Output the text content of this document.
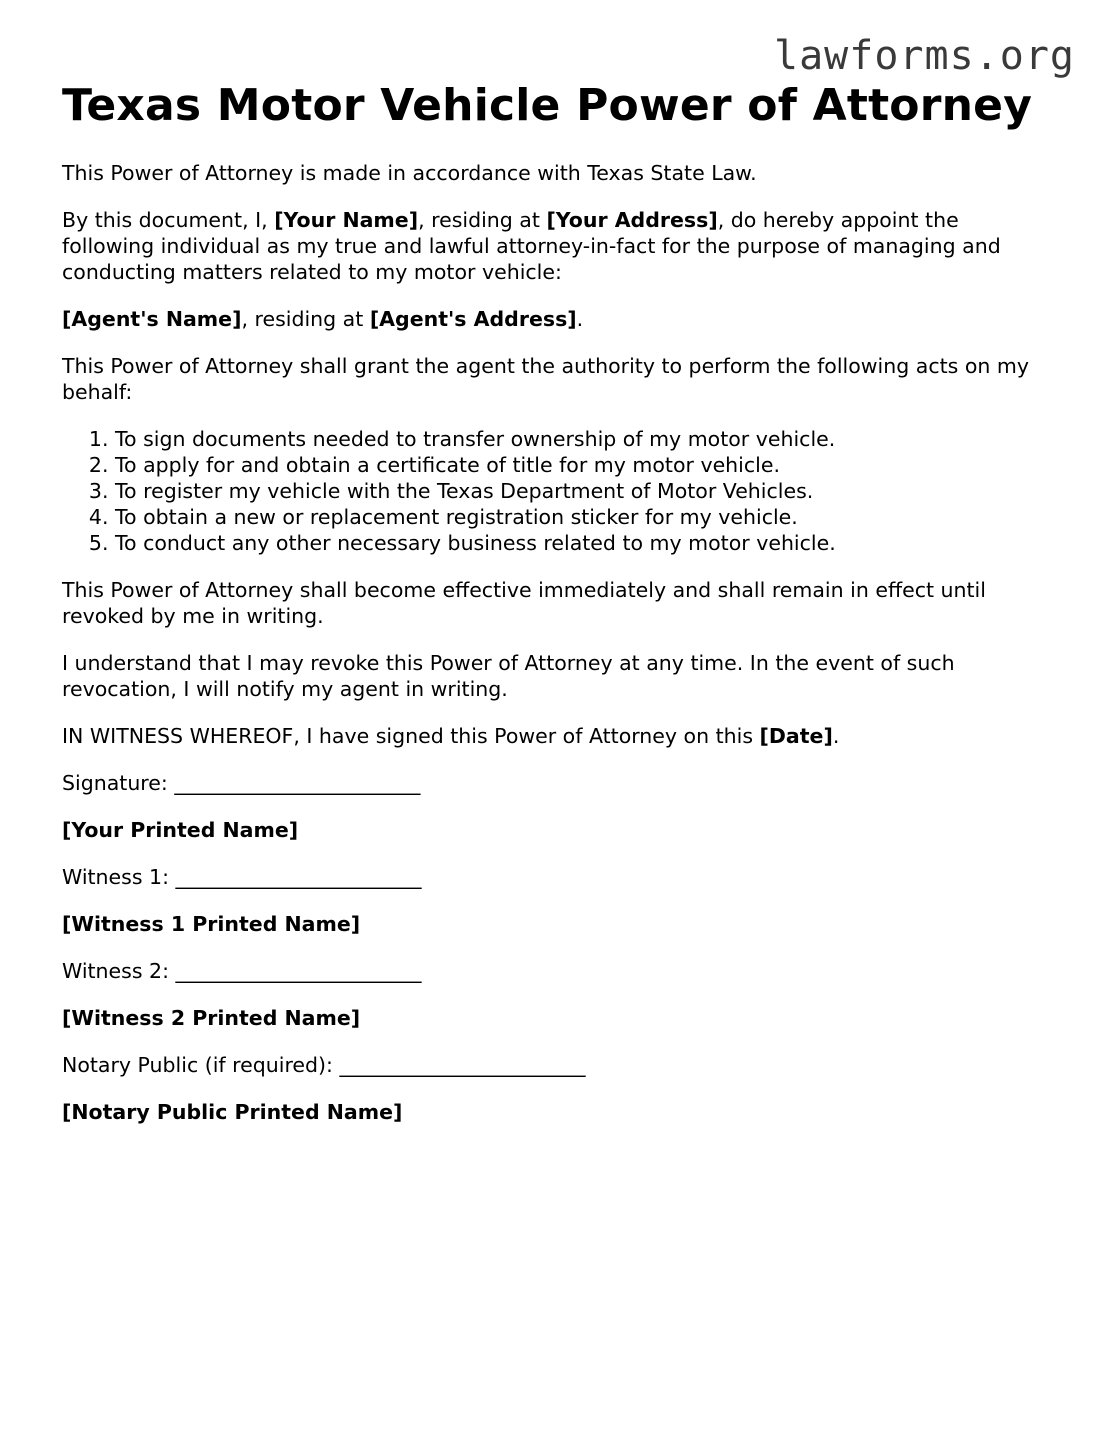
lawforms.org
Texas Motor Vehicle Power of Attorney

This Power of Attorney is made in accordance with Texas State Law.

By this document, I, [Your Name], residing at [Your Address], do hereby appoint the following individual as my true and lawful attorney-in-fact for the purpose of managing and conducting matters related to my motor vehicle:

[Agent's Name], residing at [Agent's Address].

This Power of Attorney shall grant the agent the authority to perform the following acts on my behalf:

1. To sign documents needed to transfer ownership of my motor vehicle.
2. To apply for and obtain a certificate of title for my motor vehicle.
3. To register my vehicle with the Texas Department of Motor Vehicles.
4. To obtain a new or replacement registration sticker for my vehicle.
5. To conduct any other necessary business related to my motor vehicle.

This Power of Attorney shall become effective immediately and shall remain in effect until revoked by me in writing.

I understand that I may revoke this Power of Attorney at any time. In the event of such revocation, I will notify my agent in writing.

IN WITNESS WHEREOF, I have signed this Power of Attorney on this [Date].

Signature: ________________________

[Your Printed Name]

Witness 1: ________________________

[Witness 1 Printed Name]

Witness 2: ________________________

[Witness 2 Printed Name]

Notary Public (if required): ________________________

[Notary Public Printed Name]
